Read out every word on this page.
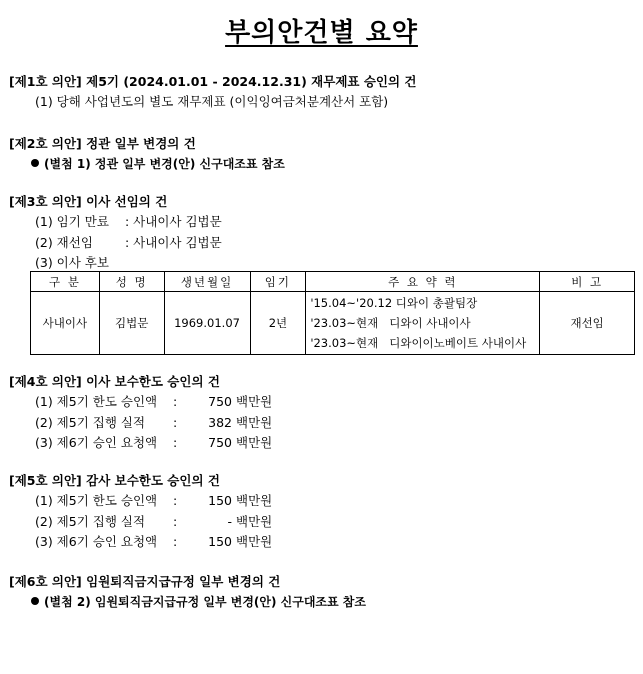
부의안건별 요약
[제1호 의안] 제5기 (2024.01.01 - 2024.12.31) 재무제표 승인의 건
(1) 당해 사업년도의 별도 재무제표 (이익잉여금처분계산서 포함)
[제2호 의안] 정관 일부 변경의 건
(별첨 1) 정관 일부 변경(안) 신구대조표 참조
[제3호 의안] 이사 선임의 건
(1) 임기 만료	: 사내이사 김법문
(2) 재선임	: 사내이사 김법문
(3) 이사 후보
구 분	성 명	생년월일	임기	주 요 약 력	비 고
사내이사	김법문	1969.01.07	2년	'15.04~'20.12 디와이 총괄팀장
'23.03~현재   디와이 사내이사
'23.03~현재   디와이이노베이트 사내이사	재선임
[제4호 의안] 이사 보수한도 승인의 건
(1) 제5기 한도 승인액	:	750 백만원
(2) 제5기 집행 실적	:	382 백만원
(3) 제6기 승인 요청액	:	750 백만원
[제5호 의안] 감사 보수한도 승인의 건
(1) 제5기 한도 승인액	:	150 백만원
(2) 제5기 집행 실적	:	- 백만원
(3) 제6기 승인 요청액	:	150 백만원
[제6호 의안] 임원퇴직금지급규정 일부 변경의 건
(별첨 2) 임원퇴직금지급규정 일부 변경(안) 신구대조표 참조
